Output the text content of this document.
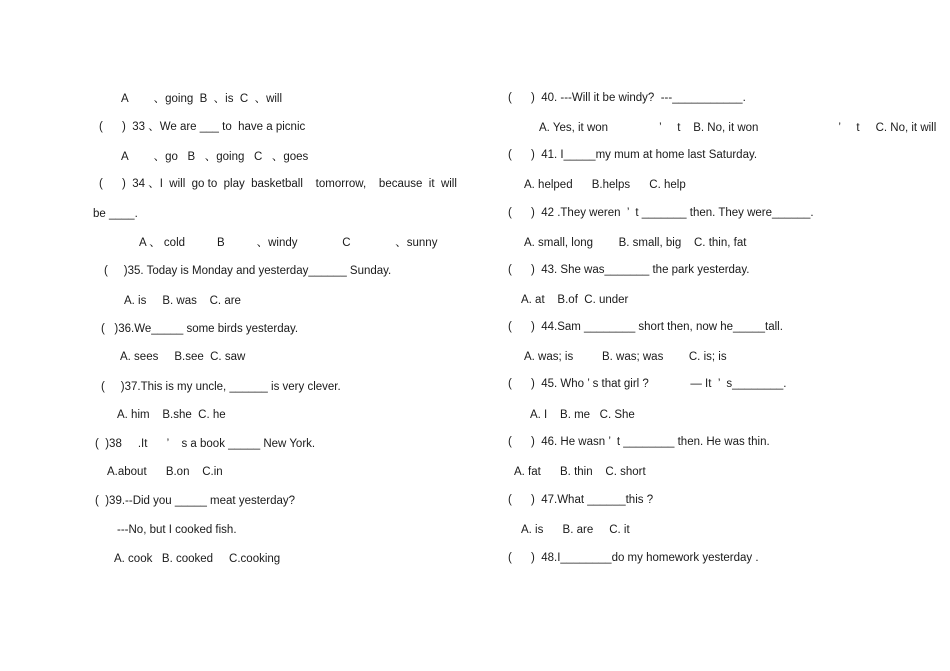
A        、going  B  、is  C  、will
(      )  33 、We are ___ to  have a picnic
A        、go   B   、going   C   、goes
(      )  34 、I  will  go to  play  basketball    tomorrow,    because  it  will
be ____.
A 、 cold          B          、windy              C              、sunny
(     )35. Today is Monday and yesterday______ Sunday.
A. is     B. was    C. are
(   )36.We_____ some birds yesterday.
A. sees     B.see  C. saw
(     )37.This is my uncle, ______ is very clever.
A. him    B.she  C. he
(  )38     .It      ’    s a book _____ New York.
A.about      B.on    C.in
(  )39.--Did you _____ meat yesterday?
---No, but I cooked fish.
A. cook   B. cooked     C.cooking
(      )  40. ---Will it be windy?  ---___________.
A. Yes, it won                ’     t    B. No, it won                         ’     t     C. No, it will
(      )  41. I_____my mum at home last Saturday.
A. helped      B.helps      C. help
(      )  42 .They weren  ’  t _______ then. They were______.
A. small, long        B. small, big    C. thin, fat
(      )  43. She was_______ the park yesterday.
A. at    B.of  C. under
(      )  44.Sam ________ short then, now he_____tall.
A. was; is         B. was; was        C. is; is
(      )  45. Who ’ s that girl ?             — It  ’  s________.
A. I    B. me   C. She
(      )  46. He wasn ’  t ________ then. He was thin.
A. fat      B. thin    C. short
(      )  47.What ______this ?
A. is      B. are     C. it
(      )  48.I________do my homework yesterday .
